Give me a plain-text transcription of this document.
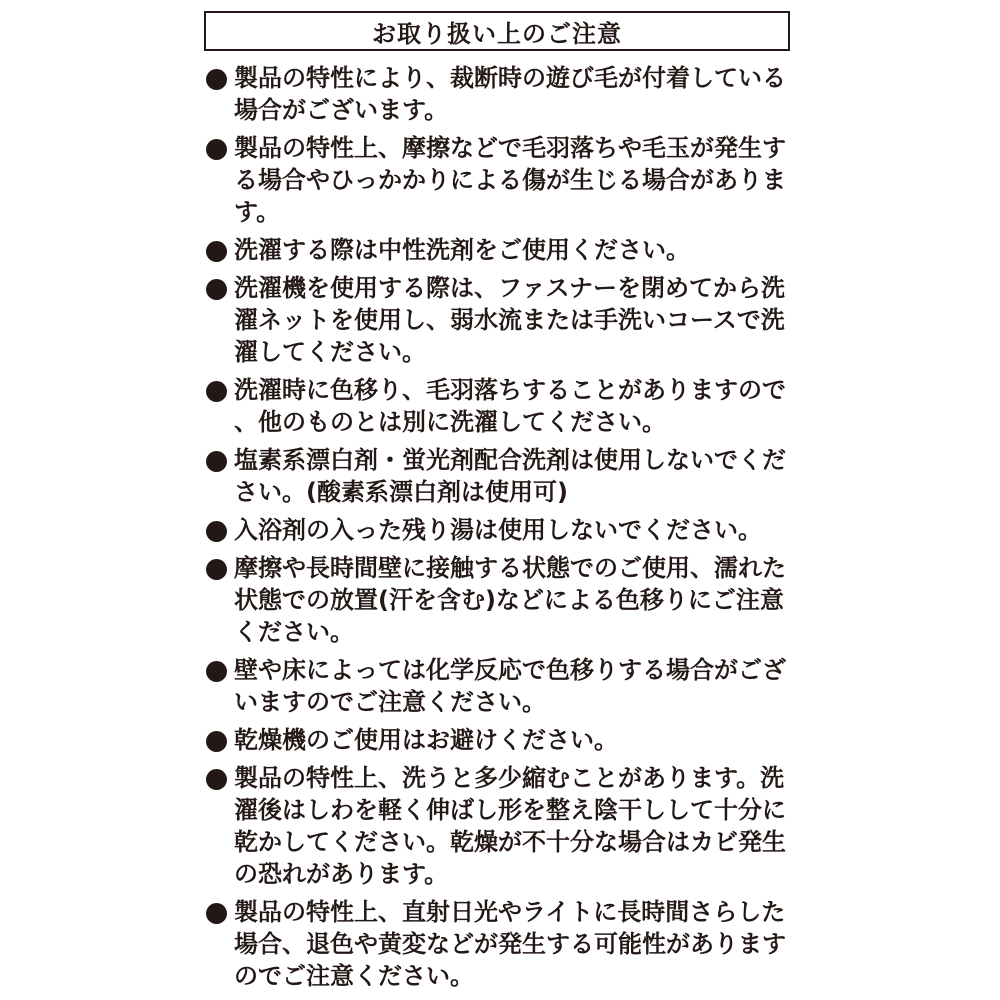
お取り扱い上のご注意
製品の特性により、裁断時の遊び毛が付着している場合がございます。
製品の特性上、摩擦などで毛羽落ちや毛玉が発生する場合やひっかかりによる傷が生じる場合があります。
洗濯する際は中性洗剤をご使用ください。
洗濯機を使用する際は、ファスナーを閉めてから洗濯ネットを使用し、弱水流または手洗いコースで洗濯してください。
洗濯時に色移り、毛羽落ちすることがありますので、他のものとは別に洗濯してください。
塩素系漂白剤・蛍光剤配合洗剤は使用しないでください。(酸素系漂白剤は使用可)
入浴剤の入った残り湯は使用しないでください。
摩擦や長時間壁に接触する状態でのご使用、濡れた状態での放置(汗を含む)などによる色移りにご注意ください。
壁や床によっては化学反応で色移りする場合がございますのでご注意ください。
乾燥機のご使用はお避けください。
製品の特性上、洗うと多少縮むことがあります。洗濯後はしわを軽く伸ばし形を整え陰干しして十分に乾かしてください。乾燥が不十分な場合はカビ発生の恐れがあります。
製品の特性上、直射日光やライトに長時間さらした場合、退色や黄変などが発生する可能性がありますのでご注意ください。
